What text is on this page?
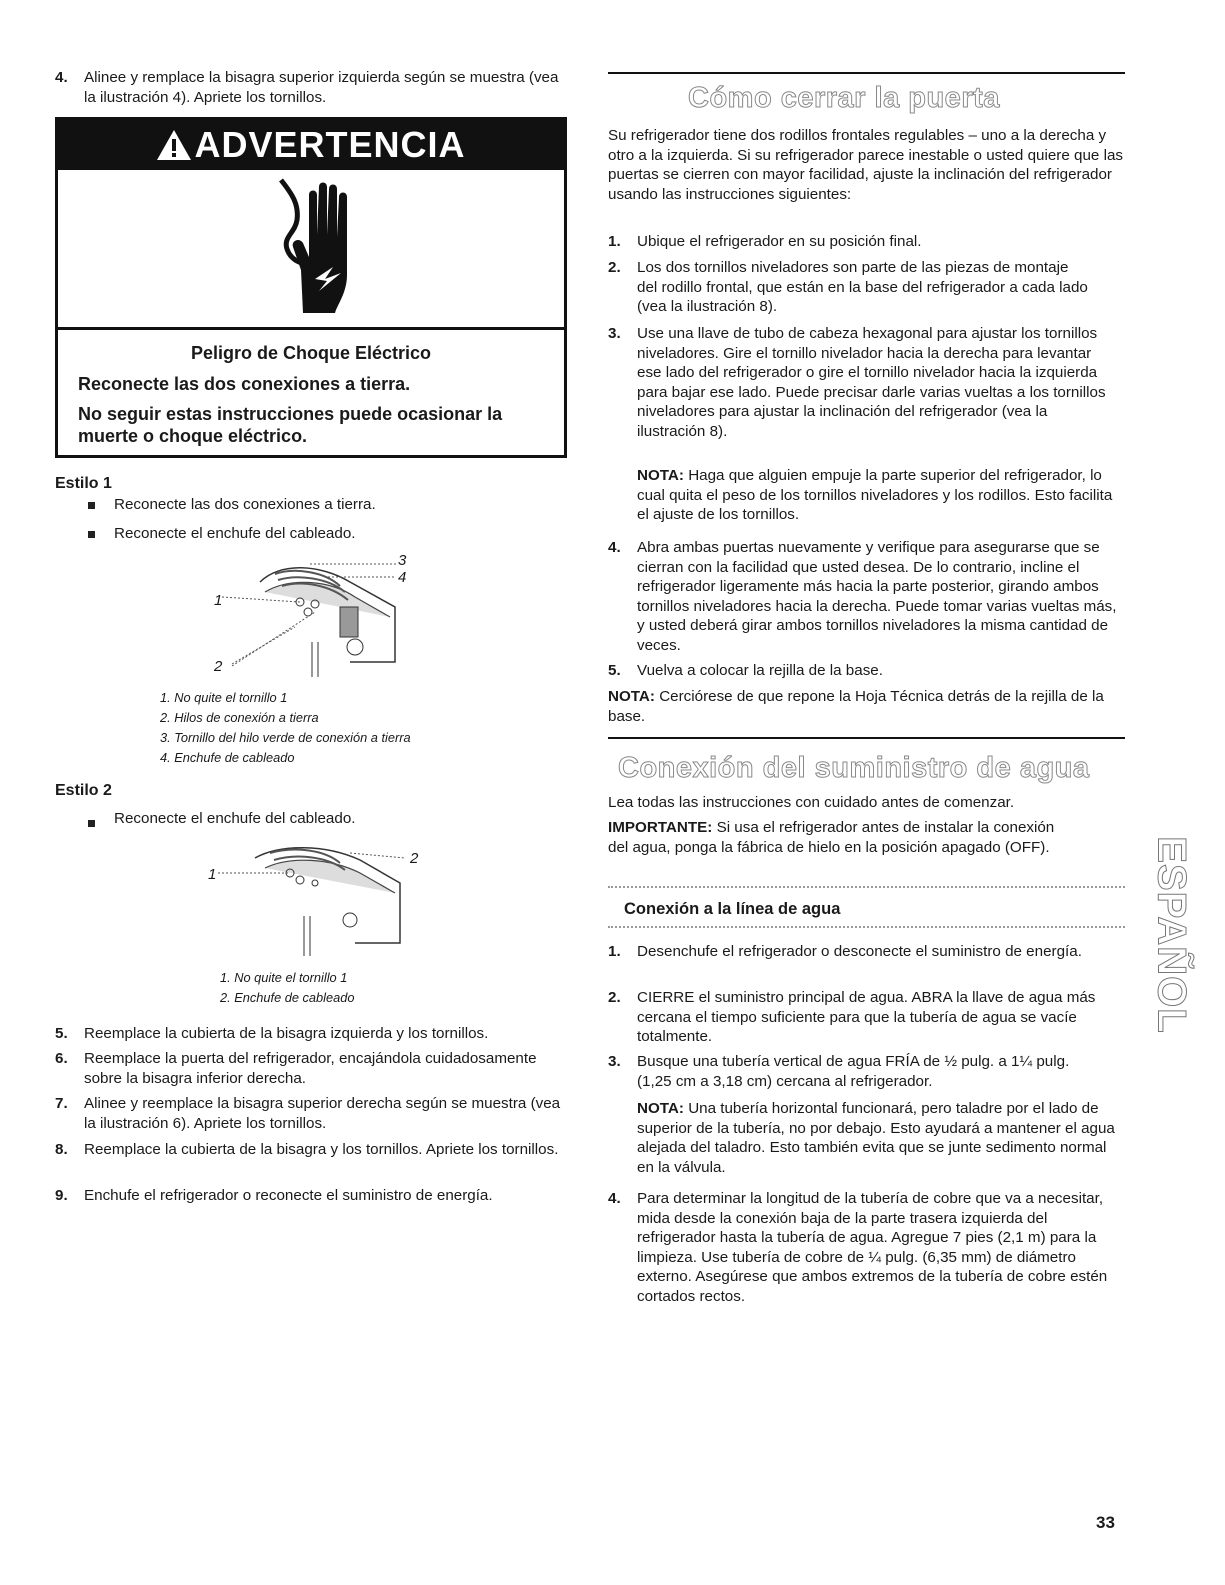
4.	Alinee y remplace la bisagra superior izquierda según se muestra (vea la ilustración 4). Apriete los tornillos.
ADVERTENCIA
Peligro de Choque Eléctrico
Reconecte las dos conexiones a tierra.
No seguir estas instrucciones puede ocasionar la muerte o choque eléctrico.
Estilo 1
Reconecte las dos conexiones a tierra.
Reconecte el enchufe del cableado.
3
4
1
2
1. No quite el tornillo 1
2. Hilos de conexión a tierra
3. Tornillo del hilo verde de conexión a tierra
4. Enchufe de cableado
Estilo 2
Reconecte el enchufe del cableado.
2
1
1. No quite el tornillo 1
2. Enchufe de cableado
5.	Reemplace la cubierta de la bisagra izquierda y los tornillos.
6.	Reemplace la puerta del refrigerador, encajándola cuidadosamente sobre la bisagra inferior derecha.
7.	Alinee y reemplace la bisagra superior derecha según se muestra (vea la ilustración 6). Apriete los tornillos.
8.	Reemplace la cubierta de la bisagra y los tornillos. Apriete los tornillos.
9.	Enchufe el refrigerador o reconecte el suministro de energía.
Cómo cerrar la puerta
Su refrigerador tiene dos rodillos frontales regulables – uno a la derecha y otro a la izquierda. Si su refrigerador parece inestable o usted quiere que las puertas se cierren con mayor facilidad, ajuste la inclinación del refrigerador usando las instrucciones siguientes:
1.	Ubique el refrigerador en su posición final.
2.	Los dos tornillos niveladores son parte de las piezas de montaje del rodillo frontal, que están en la base del refrigerador a cada lado (vea la ilustración 8).
3.	Use una llave de tubo de cabeza hexagonal para ajustar los tornillos niveladores. Gire el tornillo nivelador hacia la derecha para levantar ese lado del refrigerador o gire el tornillo nivelador hacia la izquierda para bajar ese lado. Puede precisar darle varias vueltas a los tornillos niveladores para ajustar la inclinación del refrigerador (vea la ilustración 8).
NOTA: Haga que alguien empuje la parte superior del refrigerador, lo cual quita el peso de los tornillos niveladores y los rodillos. Esto facilita el ajuste de los tornillos.
4.	Abra ambas puertas nuevamente y verifique para asegurarse que se cierran con la facilidad que usted desea. De lo contrario, incline el refrigerador ligeramente más hacia la parte posterior, girando ambos tornillos niveladores hacia la derecha. Puede tomar varias vueltas más, y usted deberá girar ambos tornillos niveladores la misma cantidad de veces.
5.	Vuelva a colocar la rejilla de la base.
NOTA: Cerciórese de que repone la Hoja Técnica detrás de la rejilla de la base.
Conexión del suministro de agua
Lea todas las instrucciones con cuidado antes de comenzar.
IMPORTANTE: Si usa el refrigerador antes de instalar la conexión del agua, ponga la fábrica de hielo en la posición apagado (OFF).
Conexión a la línea de agua
1.	Desenchufe el refrigerador o desconecte el suministro de energía.
2.	CIERRE el suministro principal de agua. ABRA la llave de agua más cercana el tiempo suficiente para que la tubería de agua se vacíe totalmente.
3.	Busque una tubería vertical de agua FRÍA de ½ pulg. a 1¼ pulg. (1,25 cm a 3,18 cm) cercana al refrigerador.
NOTA: Una tubería horizontal funcionará, pero taladre por el lado de superior de la tubería, no por debajo. Esto ayudará a mantener el agua alejada del taladro. Esto también evita que se junte sedimento normal en la válvula.
4.	Para determinar la longitud de la tubería de cobre que va a necesitar, mida desde la conexión baja de la parte trasera izquierda del refrigerador hasta la tubería de agua. Agregue 7 pies (2,1 m) para la limpieza. Use tubería de cobre de ¼ pulg. (6,35 mm) de diámetro externo. Asegúrese que ambos extremos de la tubería de cobre estén cortados rectos.
ESPAÑOL
33
